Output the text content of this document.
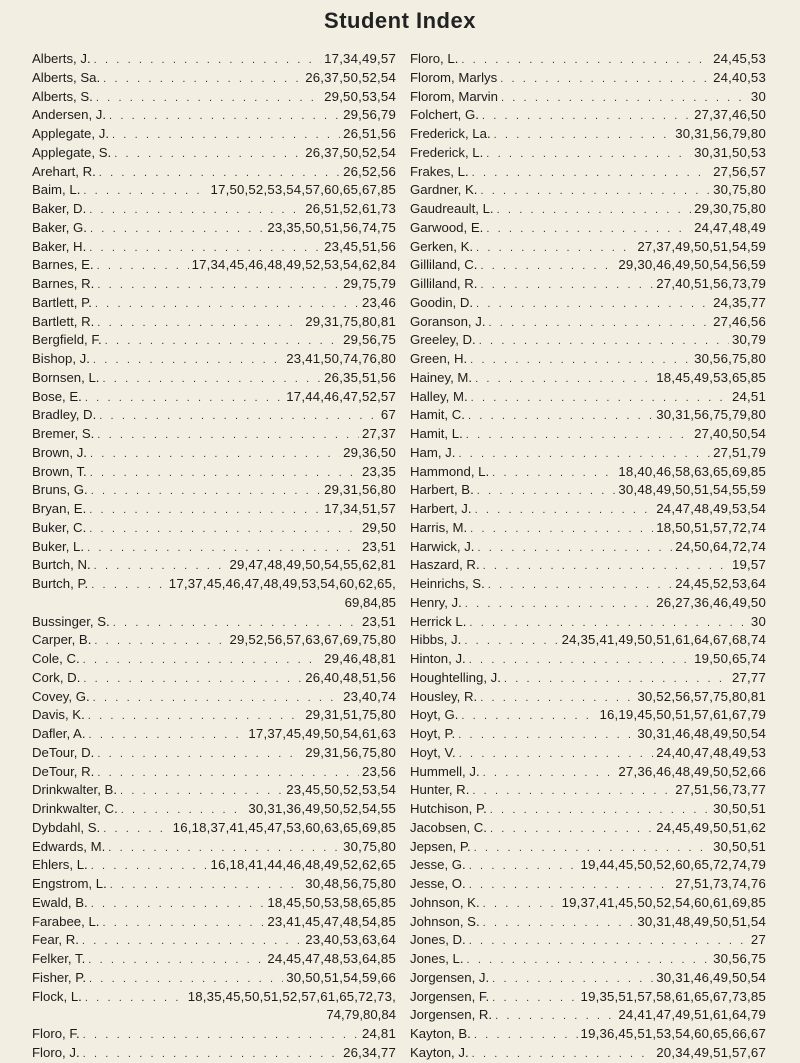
Student Index
Alberts, J. . . .	17,34,49,57
Alberts, Sa. . . .	26,37,50,52,54
Alberts, S. . . .	29,50,53,54
Andersen, J. . . .	29,56,79
Applegate, J. . . .	26,51,56
Applegate, S. . . .	26,37,50,52,54
Arehart, R. . . .	26,52,56
Baim, L. . . .	17,50,52,53,54,57,60,65,67,85
Baker, D. . . .	26,51,52,61,73
Baker, G. . . .	23,35,50,51,56,74,75
Baker, H. . . .	23,45,51,56
Barnes, E. . . .	17,34,45,46,48,49,52,53,54,62,84
Barnes, R. . . .	29,75,79
Bartlett, P. . . .	23,46
Bartlett, R. . . .	29,31,75,80,81
Bergfield, F. . . .	29,56,75
Bishop, J. . . .	23,41,50,74,76,80
Bornsen, L. . . .	26,35,51,56
Bose, E. . . .	17,44,46,47,52,57
Bradley, D. . . .	67
Bremer, S. . . .	27,37
Brown, J. . . .	29,36,50
Brown, T. . . .	23,35
Bruns, G. . . .	29,31,56,80
Bryan, E. . . .	17,34,51,57
Buker, C. . . .	29,50
Buker, L. . . .	23,51
Burtch, N. . . .	29,47,48,49,50,54,55,62,81
Burtch, P. . . .	17,37,45,46,47,48,49,53,54,60,62,65,
69,84,85
Bussinger, S. . . .	23,51
Carper, B. . . .	29,52,56,57,63,67,69,75,80
Cole, C. . . .	29,46,48,81
Cork, D. . . .	26,40,48,51,56
Covey, G. . . .	23,40,74
Davis, K. . . .	29,31,51,75,80
Dafler, A. . . .	17,37,45,49,50,54,61,63
DeTour, D. . . .	29,31,56,75,80
DeTour, R. . . .	23,56
Drinkwalter, B. . . .	23,45,50,52,53,54
Drinkwalter, C. . . .	30,31,36,49,50,52,54,55
Dybdahl, S. . . .	16,18,37,41,45,47,53,60,63,65,69,85
Edwards, M. . . .	30,75,80
Ehlers, L. . . .	16,18,41,44,46,48,49,52,62,65
Engstrom, L. . . .	30,48,56,75,80
Ewald, B. . . .	18,45,50,53,58,65,85
Farabee, L. . . .	23,41,45,47,48,54,85
Fear, R. . . .	23,40,53,63,64
Felker, T. . . .	24,45,47,48,53,64,85
Fisher, P. . . .	30,50,51,54,59,66
Flock, L. . . .	18,35,45,50,51,52,57,61,65,72,73,
74,79,80,84
Floro, F. . . .	24,81
Floro, J. . . .	26,34,77
Floro, L. . . .	24,45,53
Florom, Marlys . . .	24,40,53
Florom, Marvin . . .	30
Folchert, G. . . .	27,37,46,50
Frederick, La. . . .	30,31,56,79,80
Frederick, L. . . .	30,31,50,53
Frakes, L. . . .	27,56,57
Gardner, K. . . .	30,75,80
Gaudreault, L. . . .	29,30,75,80
Garwood, E. . . .	24,47,48,49
Gerken, K. . . .	27,37,49,50,51,54,59
Gilliland, C. . . .	29,30,46,49,50,54,56,59
Gilliland, R. . . .	27,40,51,56,73,79
Goodin, D. . . .	24,35,77
Goranson, J. . . .	27,46,56
Greeley, D. . . .	30,79
Green, H. . . .	30,56,75,80
Hainey, M. . . .	18,45,49,53,65,85
Halley, M. . . .	24,51
Hamit, C. . . .	30,31,56,75,79,80
Hamit, L. . . .	27,40,50,54
Ham, J. . . .	27,51,79
Hammond, L. . . .	18,40,46,58,63,65,69,85
Harbert, B. . . .	30,48,49,50,51,54,55,59
Harbert, J. . . .	24,47,48,49,53,54
Harris, M. . . .	18,50,51,57,72,74
Harwick, J. . . .	24,50,64,72,74
Haszard, R. . . .	19,57
Heinrichs, S. . . .	24,45,52,53,64
Henry, J. . . .	26,27,36,46,49,50
Herrick L. . . .	30
Hibbs, J. . . .	24,35,41,49,50,51,61,64,67,68,74
Hinton, J. . . .	19,50,65,74
Houghtelling, J. . . .	27,77
Housley, R. . . .	30,52,56,57,75,80,81
Hoyt, G. . . .	16,19,45,50,51,57,61,67,79
Hoyt, P. . . .	30,31,46,48,49,50,54
Hoyt, V. . . .	24,40,47,48,49,53
Hummell, J. . . .	27,36,46,48,49,50,52,66
Hunter, R. . . .	27,51,56,73,77
Hutchison, P. . . .	30,50,51
Jacobsen, C. . . .	24,45,49,50,51,62
Jepsen, P. . . .	30,50,51
Jesse, G. . . .	19,44,45,50,52,60,65,72,74,79
Jesse, O. . . .	27,51,73,74,76
Johnson, K. . . .	19,37,41,45,50,52,54,60,61,69,85
Johnson, S. . . .	30,31,48,49,50,51,54
Jones, D. . . .	27
Jones, L. . . .	30,56,75
Jorgensen, J. . . .	30,31,46,49,50,54
Jorgensen, F. . . .	19,35,51,57,58,61,65,67,73,85
Jorgensen, R. . . .	24,41,47,49,51,61,64,79
Kayton, B. . . .	19,36,45,51,53,54,60,65,66,67
Kayton, J. . . .	20,34,49,51,57,67
